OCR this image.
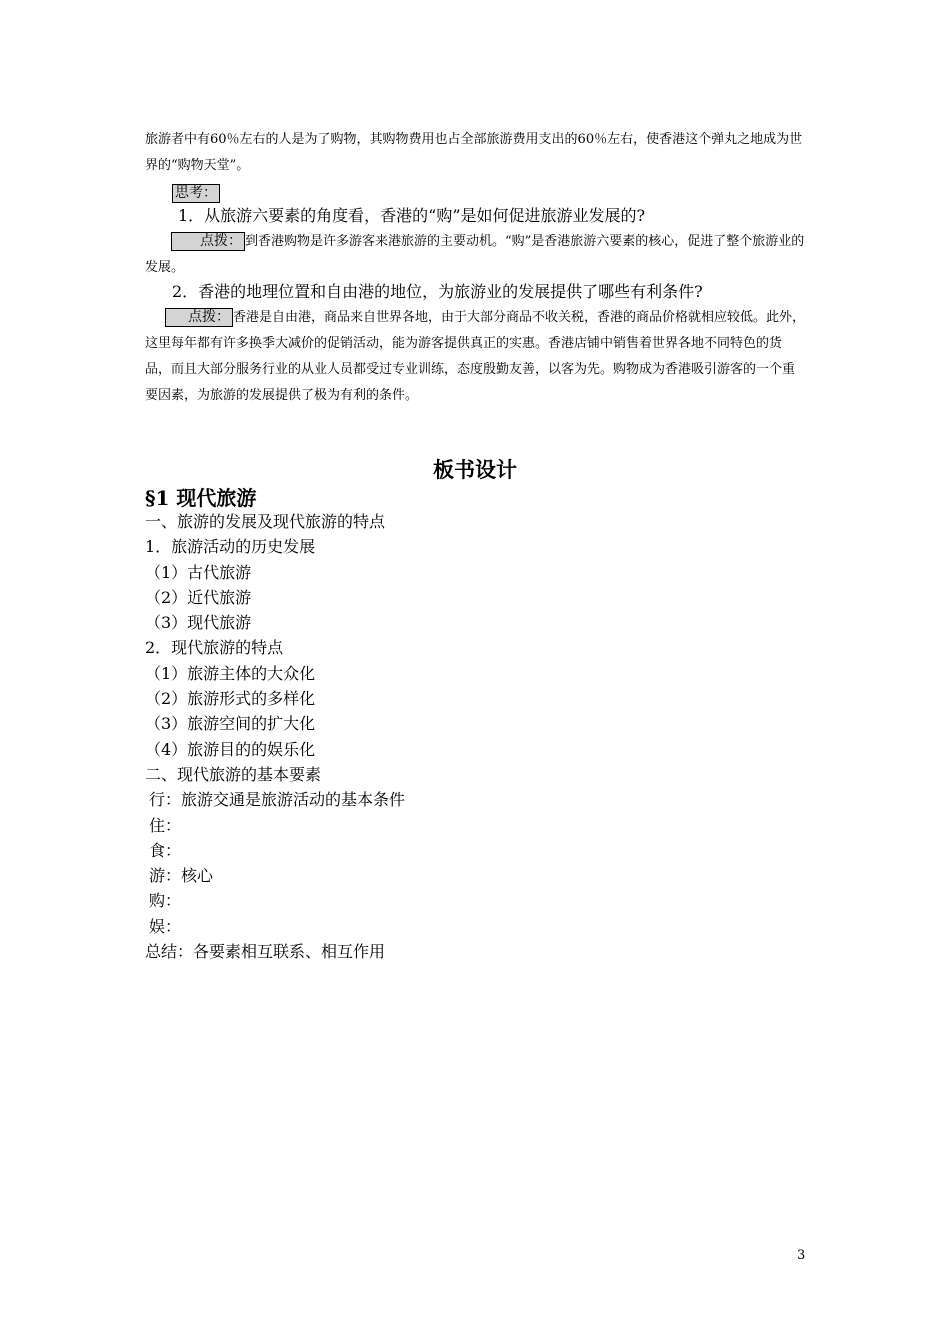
旅游者中有60％左右的人是为了购物，其购物费用也占全部旅游费用支出的60％左右，使香港这个弹丸之地成为世界的“购物天堂”。
思考：
1．从旅游六要素的角度看，香港的“购”是如何促进旅游业发展的?
点拨： 到香港购物是许多游客来港旅游的主要动机。“购”是香港旅游六要素的核心，促进了整个旅游业的发展。
2．香港的地理位置和自由港的地位，为旅游业的发展提供了哪些有利条件?
点拨： 香港是自由港，商品来自世界各地，由于大部分商品不收关税，香港的商品价格就相应较低。此外，这里每年都有许多换季大减价的促销活动，能为游客提供真正的实惠。香港店铺中销售着世界各地不同特色的货品，而且大部分服务行业的从业人员都受过专业训练，态度殷勤友善，以客为先。购物成为香港吸引游客的一个重要因素，为旅游的发展提供了极为有利的条件。
板书设计
§1 现代旅游
一、旅游的发展及现代旅游的特点
1．旅游活动的历史发展
（1）古代旅游
（2）近代旅游
（3）现代旅游
2．现代旅游的特点
（1）旅游主体的大众化
（2）旅游形式的多样化
（3）旅游空间的扩大化
（4）旅游目的的娱乐化
二、现代旅游的基本要素
行：旅游交通是旅游活动的基本条件
住：
食：
游：核心
购：
娱：
总结：各要素相互联系、相互作用
3
